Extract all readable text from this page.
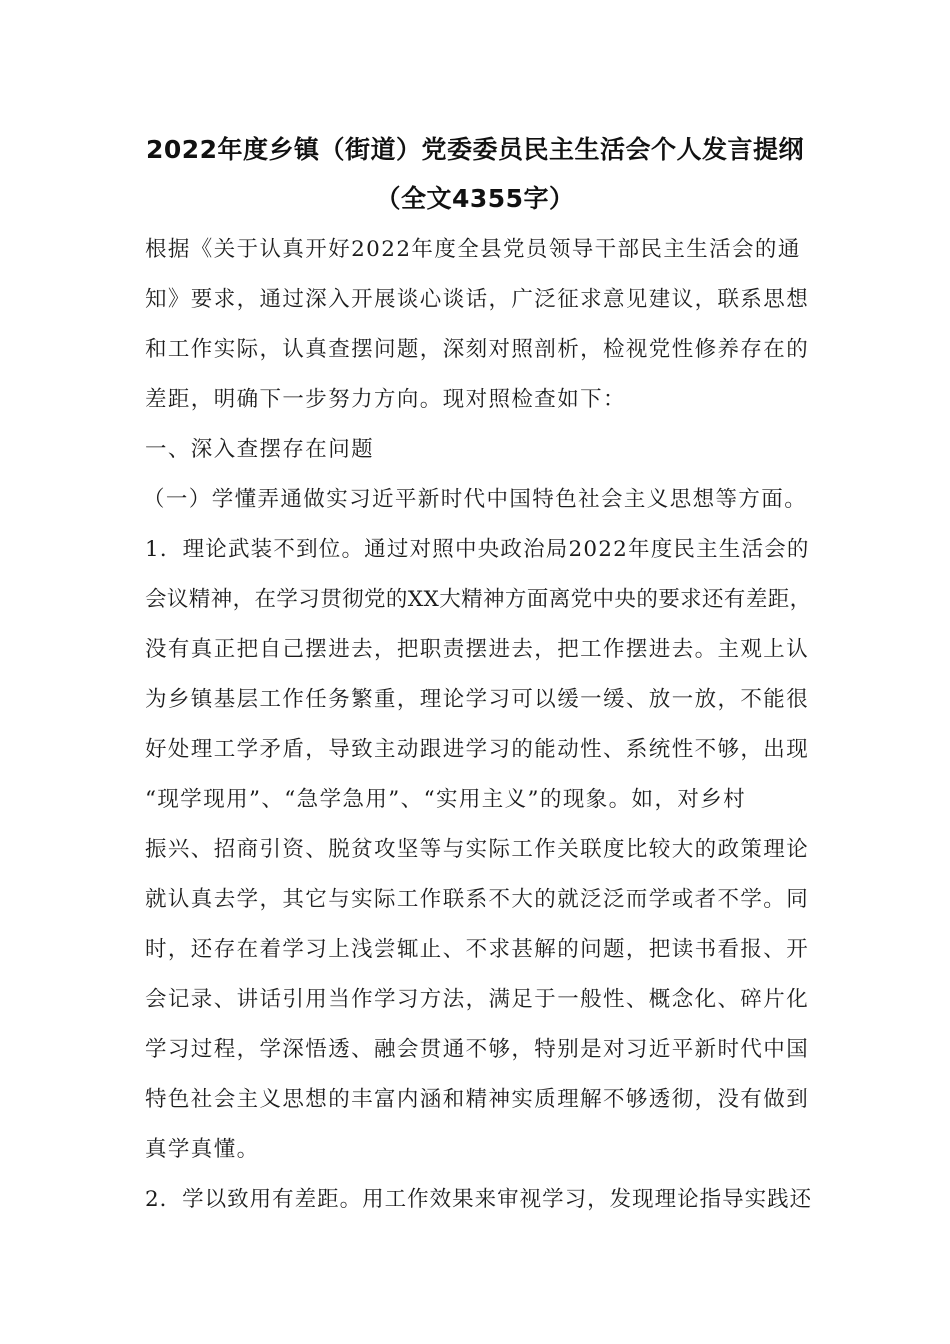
2022年度乡镇（街道）党委委员民主生活会个人发言提纲
（全文4355字）
根据《关于认真开好2022年度全县党员领导干部民主生活会的通
知》要求，通过深入开展谈心谈话，广泛征求意见建议，联系思想
和工作实际，认真查摆问题，深刻对照剖析，检视党性修养存在的
差距，明确下一步努力方向。现对照检查如下：
一、深入查摆存在问题
（一）学懂弄通做实习近平新时代中国特色社会主义思想等方面。
1．理论武装不到位。通过对照中央政治局2022年度民主生活会的
会议精神，在学习贯彻党的XX大精神方面离党中央的要求还有差距，
没有真正把自己摆进去，把职责摆进去，把工作摆进去。主观上认
为乡镇基层工作任务繁重，理论学习可以缓一缓、放一放，不能很
好处理工学矛盾，导致主动跟进学习的能动性、系统性不够，出现
“现学现用”、“急学急用”、“实用主义”的现象。如，对乡村
振兴、招商引资、脱贫攻坚等与实际工作关联度比较大的政策理论
就认真去学，其它与实际工作联系不大的就泛泛而学或者不学。同
时，还存在着学习上浅尝辄止、不求甚解的问题，把读书看报、开
会记录、讲话引用当作学习方法，满足于一般性、概念化、碎片化
学习过程，学深悟透、融会贯通不够，特别是对习近平新时代中国
特色社会主义思想的丰富内涵和精神实质理解不够透彻，没有做到
真学真懂。
2．学以致用有差距。用工作效果来审视学习，发现理论指导实践还
